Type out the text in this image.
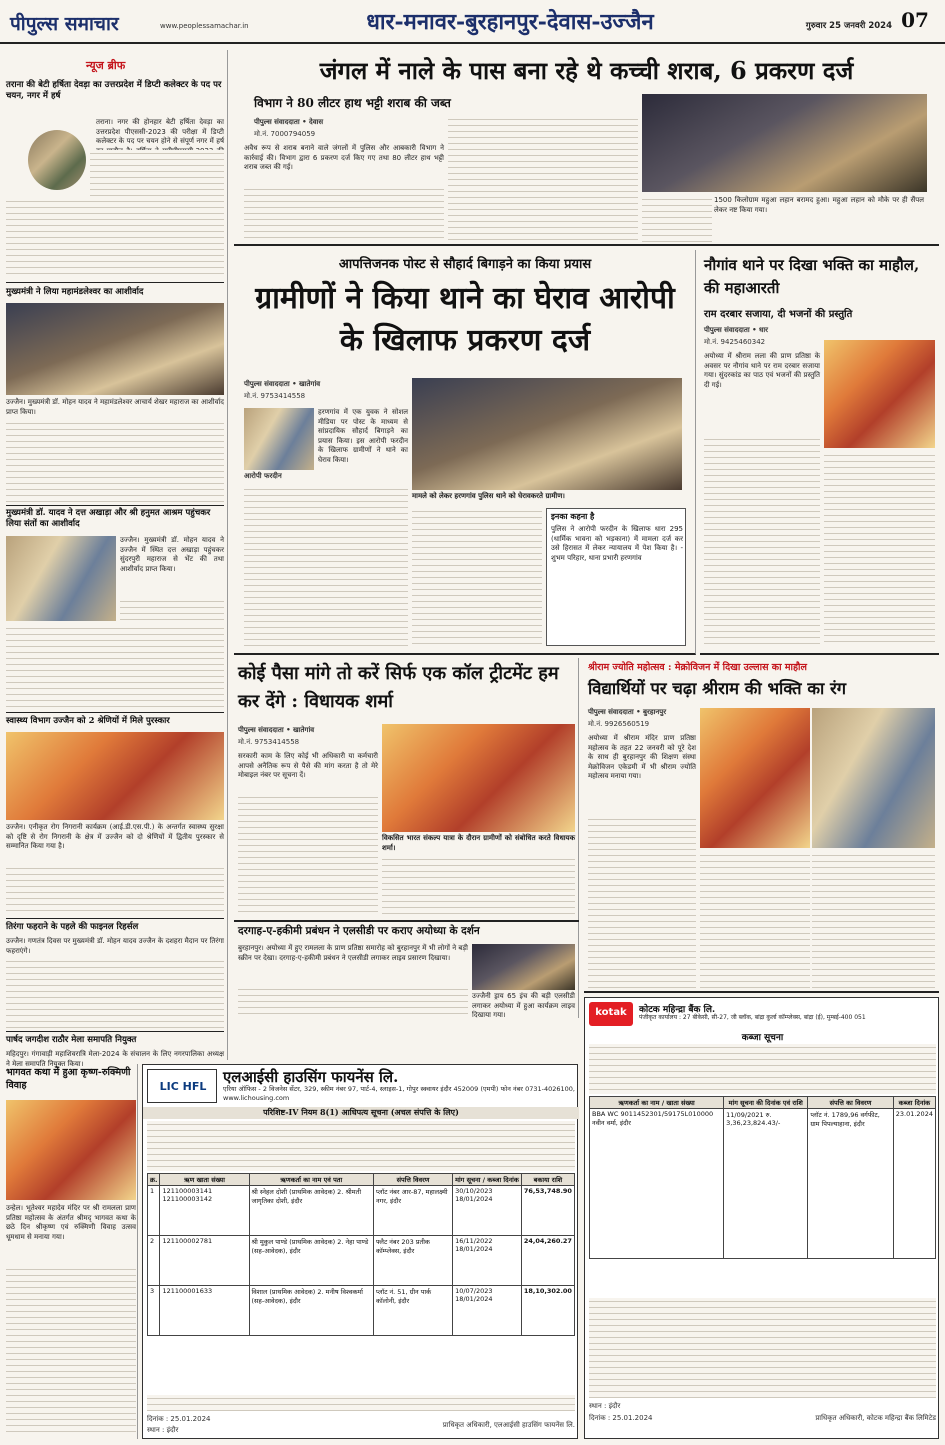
पीपुल्स समाचार	www.peoplessamachar.in	धार-मनावर-बुरहानपुर-देवास-उज्जैन	गुरुवार 25 जनवरी 2024 07
न्यूज ब्रीफ
तराना की बेटी हर्षिता देवड़ा का उत्तरप्रदेश में डिप्टी कलेक्टर के पद पर चयन, नगर में हर्ष
तराना। नगर की होनहार बेटी हर्षिता देवड़ा का उत्तरप्रदेश पीएससी-2023 की परीक्षा में डिप्टी कलेक्टर के पद पर चयन होने से संपूर्ण नगर में हर्ष
मुख्यमंत्री ने लिया महामंडलेश्वर का आशीर्वाद
उज्जैन। मुख्यमंत्री डॉ. मोहन यादव ने महामंडलेश्वर आचार्य शेखर महाराज का आशीर्वाद प्राप्त किया।
मुख्यमंत्री डॉ. यादव ने दत्त अखाड़ा और श्री हनुमत आश्रम पहुंचकर लिया संतों का आशीर्वाद
उज्जैन। मुख्यमंत्री डॉ. मोहन यादव ने उज्जैन में स्थित दत्त अखाड़ा पहुंचकर सुंदरपुरी महाराज से भेंट की तथा आशीर्वाद प्राप्त किया।
स्वास्थ्य विभाग उज्जैन को 2 श्रेणियों में मिले पुरस्कार
उज्जैन। एनीकृत रोग निगरानी कार्यक्रम (आई.डी.एस.पी.) के अन्तर्गत स्वास्थ्य सुरक्षा को दृष्टि से रोग निगरानी के क्षेत्र में उज्जैन को दो श्रेणियों में द्वितीय पुरस्कार से सम्मानित किया गया है।
तिरंगा फहराने के पहले की फाइनल रिहर्सल
उज्जैन। गणतंत्र दिवस पर मुख्यमंत्री डॉ. मोहन यादव उज्जैन के दशहरा मैदान पर तिरंगा फहराएंगे।
पार्षद जगदीश राठौर मेला समापति नियुक्त
महिदपुर। गंगावाड़ी महाशिवरात्रि मेला-2024 के संचालन के लिए नगरपालिका अध्यक्ष ने मेला समापति नियुक्त किया।
जंगल में नाले के पास बना रहे थे कच्ची शराब, 6 प्रकरण दर्ज
विभाग ने 80 लीटर हाथ भट्टी शराब की जब्त
पीपुल्स संवाददाता • देवास
मो.नं. 7000794059
अवैध रूप से शराब बनाने वाले जंगलों में पुलिस और आबकारी विभाग ने कार्रवाई की। विभाग द्वारा 6 प्रकरण दर्ज किए गए तथा 80 लीटर हाथ भट्टी शराब जब्त की गई।
1500 किलोग्राम महुआ लहान बरामद हुआ। महुआ लहान को मौके पर ही सैंपल लेकर नष्ट किया गया।
आपत्तिजनक पोस्ट से सौहार्द बिगाड़ने का किया प्रयास
ग्रामीणों ने किया थाने का घेराव आरोपी के खिलाफ प्रकरण दर्ज
पीपुल्स संवाददाता • खातेगांव
मो.नं. 9753414558
आरोपी फरदीन
हरणगांव में एक युवक ने सोशल मीडिया पर पोस्ट के माध्यम से सांप्रदायिक सौहार्द बिगाड़ने का प्रयास किया। इस आरोपी फरदीन के खिलाफ ग्रामीणों ने थाने का घेराव किया।
मामले को लेकर हरणगांव पुलिस थाने को घेरावकरते ग्रामीण।
इनका कहना है
पुलिस ने आरोपी फरदीन के खिलाफ धारा 295 (धार्मिक भावना को भड़काना) में मामला दर्ज कर उसे हिरासत में लेकर न्यायालय में पेश किया है। - शुभम परिहार, थाना प्रभारी हरणगांव
नौगांव थाने पर दिखा भक्ति का माहौल, की महाआरती
राम दरबार सजाया, दी भजनों की प्रस्तुति
पीपुल्स संवाददाता • धार
मो.नं. 9425460342
अयोध्या में श्रीराम लला की प्राण प्रतिष्ठा के अवसर पर नौगांव थाने पर राम दरबार सजाया गया। सुंदरकांड का पाठ एवं भजनों की प्रस्तुति दी गई।
कोई पैसा मांगे तो करें सिर्फ एक कॉल ट्रीटमेंट हम कर देंगे : विधायक शर्मा
पीपुल्स संवाददाता • खातेगांव
मो.नं. 9753414558
सरकारी काम के लिए कोई भी अधिकारी या कर्मचारी आपसे अनैतिक रूप से पैसे की मांग करता है तो मेरे मोबाइल नंबर पर सूचना दें।
विकसित भारत संकल्प यात्रा के दौरान ग्रामीणों को संबोधित करते विधायक शर्मा।
दरगाह-ए-हकीमी प्रबंधन ने एलसीडी पर कराए अयोध्या के दर्शन
बुरहानपुर। अयोध्या में हुए रामलला के प्राण प्रतिष्ठा समारोह को बुरहानपुर में भी लोगों ने बड़ी स्क्रीन पर देखा। दरगाह-ए-हकीमी प्रबंधन ने एलसीडी लगाकर लाइव प्रसारण दिखाया।
उज्जैनी ड्राय 65 इंच की बड़ी एलसीडी लगाकर अयोध्या में हुआ कार्यक्रम लाइव दिखाया गया।
श्रीराम ज्योति महोत्सव : मेक्रोविजन में दिखा उल्लास का माहौल
विद्यार्थियों पर चढ़ा श्रीराम की भक्ति का रंग
पीपुल्स संवाददाता • बुरहानपुर
मो.नं. 9926560519
अयोध्या में श्रीराम मंदिर प्राण प्रतिष्ठा महोत्सव के तहत 22 जनवरी को पूरे देश के साथ ही बुरहानपुर की शिक्षण संस्था मेक्रोविजन एकेडमी में भी श्रीराम ज्योति महोत्सव मनाया गया।
kotak	कोटक महिन्द्रा बैंक लि.
पंजीकृत कार्यालय : 27 बीकेसी, सी-27, जी ब्लॉक, बांद्रा कुर्ला कॉम्प्लेक्स, बांद्रा (ई), मुम्बई-400 051
कब्जा सूचना
ऋणकर्ता का नाम / खाता संख्या	मांग सूचना की दिनांक एवं राशि	संपत्ति का विवरण	कब्जा दिनांक
BBA WC 9011452301/59175L010000 नवीन वर्मा, इंदौर	11/09/2021 रु. 3,36,23,824.43/-	प्लॉट नं. 1789,96 वर्गफीट, ग्राम पिपल्याहाना, इंदौर	23.01.2024
स्थान : इंदौर
दिनांक : 25.01.2024	प्राधिकृत अधिकारी, कोटक महिन्द्रा बैंक लिमिटेड
भागवत कथा में हुआ कृष्ण-रुक्मिणी विवाह
उन्हेल। भूतेश्वर महादेव मंदिर पर श्री रामलला प्राण प्रतिष्ठा महोत्सव के अंतर्गत श्रीमद् भागवत कथा के छठे दिन श्रीकृष्ण एवं रुक्मिणी विवाह उत्सव धूमधाम से मनाया गया।
LIC HFL
एलआईसी हाउसिंग फायनेंस लि.
एरिया ऑफिस - 2 विजनेस सेंटर, 329, स्कीम नंबर 97, पार्ट-4, स्लाइस-1, गोपुर स्क्वायर इंदौर 452009 (एमपी) फोन नंबर 0731-4026100, www.lichousing.com
परिशिष्ट-IV नियम 8(1) आधिपत्य सूचना (अचल संपत्ति के लिए)
क्र.	ऋण खाता संख्या	ऋणकर्ता का नाम एवं पता	संपत्ति विवरण	मांग सूचना / कब्जा दिनांक	बकाया राशि
1	121100003141 121100003142	श्री स्नेहल दोशी (प्राथमिक आवेदक) 2. श्रीमती जागृतिका दोशी, इंदौर	प्लॉट नंबर आर-87, महालक्ष्मी नगर, इंदौर	30/10/2023 18/01/2024	76,53,748.90
2	121100002781	श्री मुकुल पाण्डे (प्राथमिक आवेदक) 2. नेहा पाण्डे (सह-आवेदक), इंदौर	फ्लैट नंबर 203 प्रतीक कॉम्प्लेक्स, इंदौर	16/11/2022 18/01/2024	24,04,260.27
3	121100001633	विशाल (प्राथमिक आवेदक) 2. मनीष विश्वकर्मा (सह-आवेदक), इंदौर	प्लॉट नं. 51, ग्रीन पार्क कॉलोनी, इंदौर	10/07/2023 18/01/2024	18,10,302.00
दिनांक : 25.01.2024
स्थान : इंदौर
प्राधिकृत अधिकारी, एलआईसी हाउसिंग फायनेंस लि.
